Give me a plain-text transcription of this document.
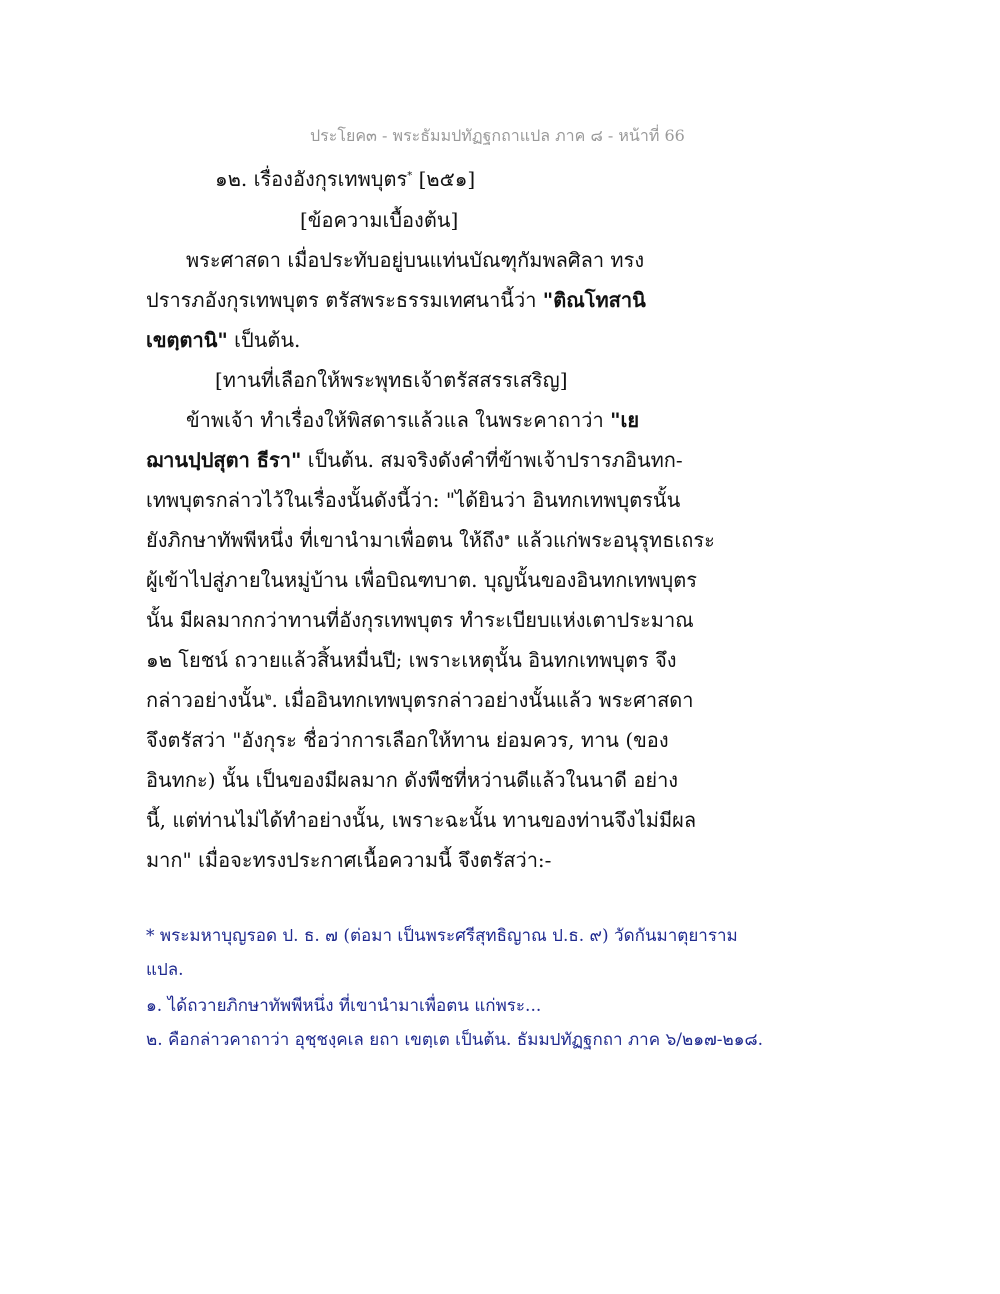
ประโยค๓ - พระธัมมปทัฏฐกถาแปล ภาค ๘ - หน้าที่ 66
๑๒. เรื่องอังกุรเทพบุตร* [๒๕๑]
[ข้อความเบื้องต้น]
พระศาสดา เมื่อประทับอยู่บนแท่นบัณฑุกัมพลศิลา ทรง
ปรารภอังกุรเทพบุตร ตรัสพระธรรมเทศนานี้ว่า "ติณโทสานิ
เขตฺตานิ" เป็นต้น.
[ทานที่เลือกให้พระพุทธเจ้าตรัสสรรเสริญ]
ข้าพเจ้า ทำเรื่องให้พิสดารแล้วแล ในพระคาถาว่า "เย
ฌานปฺปสุตา ธีรา" เป็นต้น. สมจริงดังคำที่ข้าพเจ้าปรารภอินทก-
เทพบุตรกล่าวไว้ในเรื่องนั้นดังนี้ว่า: "ได้ยินว่า อินทกเทพบุตรนั้น
ยังภิกษาทัพพีหนึ่ง ที่เขานำมาเพื่อตน ให้ถึง$^๑$ แล้วแก่พระอนุรุทธเถระ
ผู้เข้าไปสู่ภายในหมู่บ้าน เพื่อบิณฑบาต. บุญนั้นของอินทกเทพบุตร
นั้น มีผลมากกว่าทานที่อังกุรเทพบุตร ทำระเบียบแห่งเตาประมาณ
๑๒ โยชน์ ถวายแล้วสิ้นหมื่นปี; เพราะเหตุนั้น อินทกเทพบุตร จึง
กล่าวอย่างนั้น$^๒$. เมื่ออินทกเทพบุตรกล่าวอย่างนั้นแล้ว พระศาสดา
จึงตรัสว่า "อังกุระ ชื่อว่าการเลือกให้ทาน ย่อมควร, ทาน (ของ
อินทกะ) นั้น เป็นของมีผลมาก ดังพืชที่หว่านดีแล้วในนาดี อย่าง
นี้, แต่ท่านไม่ได้ทำอย่างนั้น, เพราะฉะนั้น ทานของท่านจึงไม่มีผล
มาก" เมื่อจะทรงประกาศเนื้อความนี้ จึงตรัสว่า:-
* พระมหาบุญรอด ป. ธ. ๗ (ต่อมา เป็นพระศรีสุทธิญาณ ป.ธ. ๙) วัดกันมาตุยาราม
แปล.
๑. ได้ถวายภิกษาทัพพีหนึ่ง ที่เขานำมาเพื่อตน แก่พระ...
๒. คือกล่าวคาถาว่า อุชฺชงฺคเล ยถา เขตฺเต เป็นต้น. ธัมมปทัฏฐกถา ภาค ๖/๒๑๗-๒๑๘.
